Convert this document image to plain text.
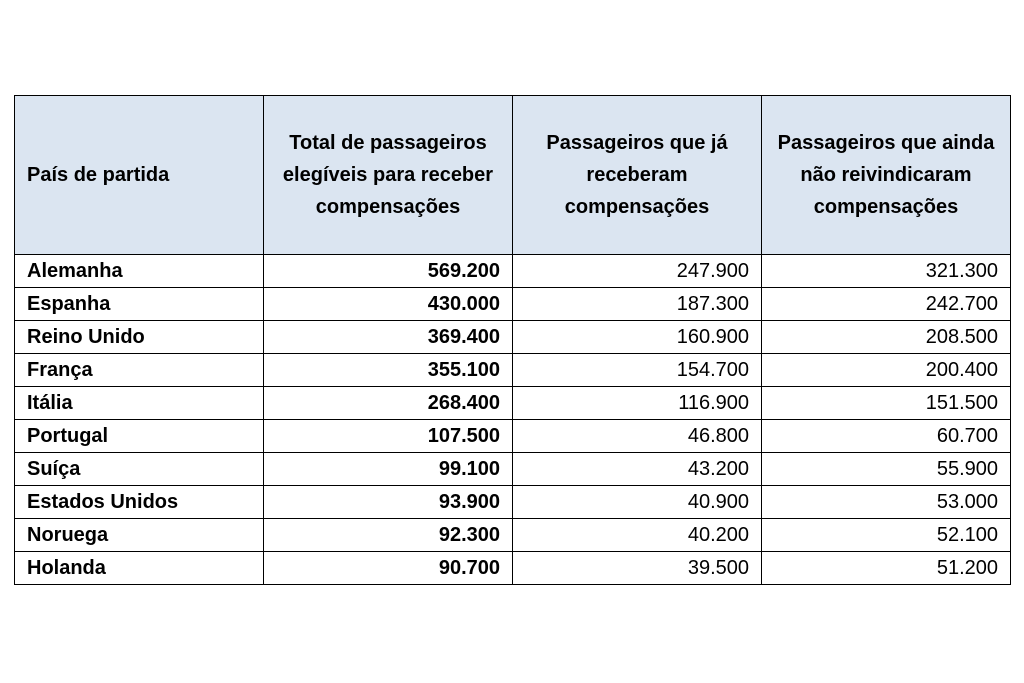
País de partida	Total de passageiros elegíveis para receber compensações	Passageiros que já receberam compensações	Passageiros que ainda não reivindicaram compensações
Alemanha	569.200	247.900	321.300
Espanha	430.000	187.300	242.700
Reino Unido	369.400	160.900	208.500
França	355.100	154.700	200.400
Itália	268.400	116.900	151.500
Portugal	107.500	46.800	60.700
Suíça	99.100	43.200	55.900
Estados Unidos	93.900	40.900	53.000
Noruega	92.300	40.200	52.100
Holanda	90.700	39.500	51.200
